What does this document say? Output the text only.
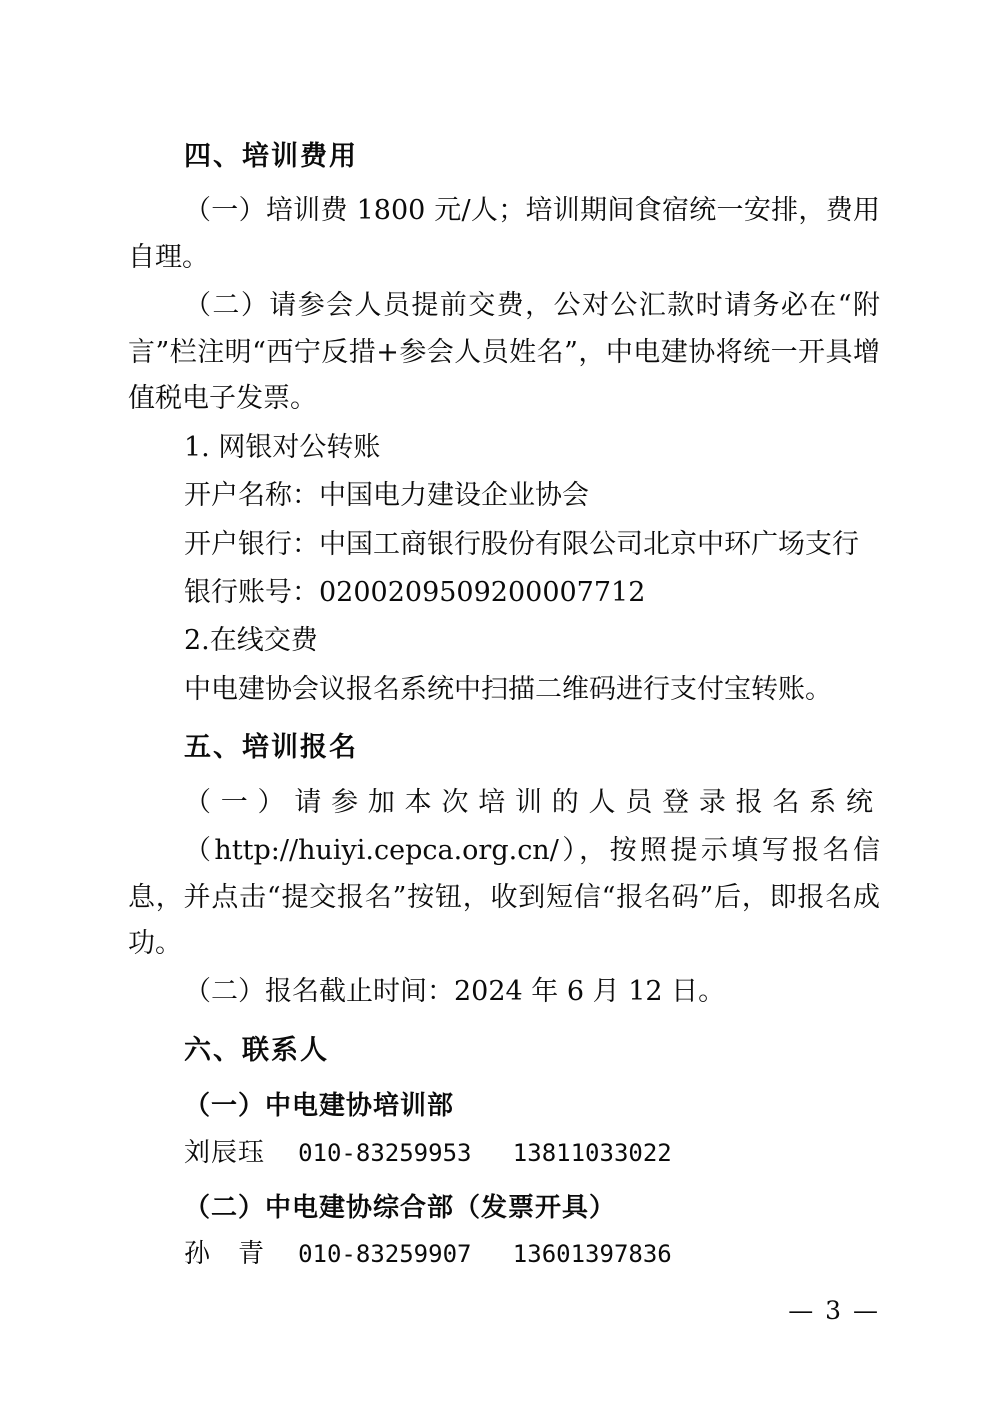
四、培训费用

（一）培训费 1800 元/人；培训期间食宿统一安排，费用自理。

（二）请参会人员提前交费，公对公汇款时请务必在“附言”栏注明“西宁反措+参会人员姓名”，中电建协将统一开具增值税电子发票。

1. 网银对公转账

开户名称：中国电力建设企业协会

开户银行：中国工商银行股份有限公司北京中环广场支行

银行账号：0200209509200007712

2.在线交费

中电建协会议报名系统中扫描二维码进行支付宝转账。

五、培训报名

（一）请参加本次培训的人员登录报名系统

（http://huiyi.cepca.org.cn/），按照提示填写报名信息，并点击“提交报名”按钮，收到短信“报名码”后，即报名成功。

（二）报名截止时间：2024 年 6 月 12 日。

六、联系人
（一）中电建协培训部
刘辰珏 010-83259953 13811033022
（二）中电建协综合部（发票开具）
孙　青 010-83259907 13601397836
— 3 —
